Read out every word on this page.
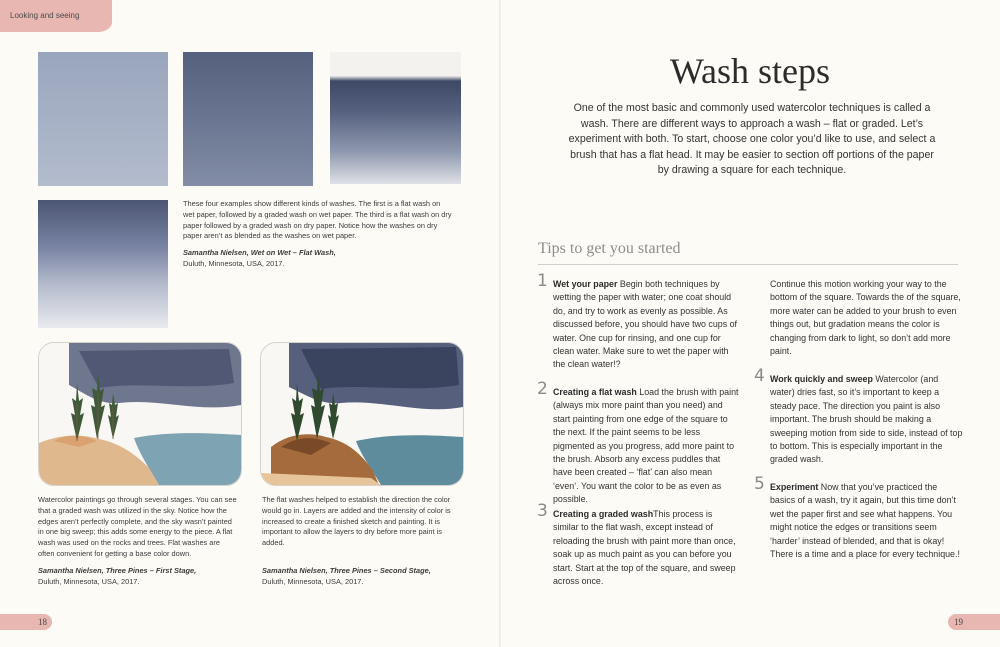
Looking and seeing
These four examples show different kinds of washes. The first is a flat wash on wet paper, followed by a graded wash on wet paper. The third is a flat wash on dry paper followed by a graded wash on dry paper. Notice how the washes on dry paper aren’t as blended as the washes on wet paper.
Samantha Nielsen, Wet on Wet – Flat Wash,
Duluth, Minnesota, USA, 2017.
Watercolor paintings go through several stages. You can see that a graded wash was utilized in the sky. Notice how the edges aren’t perfectly complete, and the sky wasn’t painted in one big sweep; this adds some energy to the piece. A flat wash was used on the rocks and trees. Flat washes are often convenient for getting a base color down.
Samantha Nielsen, Three Pines – First Stage,
Duluth, Minnesota, USA, 2017.
The flat washes helped to establish the direction the color would go in. Layers are added and the intensity of color is increased to create a finished sketch and painting. It is important to allow the layers to dry before more paint is added.
Samantha Nielsen, Three Pines – Second Stage,
Duluth, Minnesota, USA, 2017.
18
Wash steps
One of the most basic and commonly used watercolor techniques is called a wash. There are different ways to approach a wash – flat or graded. Let’s experiment with both. To start, choose one color you’d like to use, and select a brush that has a flat head. It may be easier to section off portions of the paper by drawing a square for each technique.
Tips to get you started
1 Wet your paper Begin both techniques by wetting the paper with water; one coat should do, and try to work as evenly as possible. As discussed before, you should have two cups of water. One cup for rinsing, and one cup for clean water. Make sure to wet the paper with the clean water!?
2 Creating a flat wash Load the brush with paint (always mix more paint than you need) and start painting from one edge of the square to the next. If the paint seems to be less pigmented as you progress, add more paint to the brush. Absorb any excess puddles that have been created – ‘flat’ can also mean ‘even’. You want the color to be as even as possible.
3 Creating a graded washThis process is similar to the flat wash, except instead of reloading the brush with paint more than once, soak up as much paint as you can before you start. Start at the top of the square, and sweep across once.
Continue this motion working your way to the bottom of the square. Towards the of the square, more water can be added to your brush to even things out, but gradation means the color is changing from dark to light, so don’t add more paint.
4 Work quickly and sweep Watercolor (and water) dries fast, so it’s important to keep a steady pace. The direction you paint is also important. The brush should be making a sweeping motion from side to side, instead of top to bottom. This is especially important in the graded wash.
5 Experiment Now that you’ve practiced the basics of a wash, try it again, but this time don’t wet the paper first and see what happens. You might notice the edges or transitions seem ‘harder’ instead of blended, and that is okay! There is a time and a place for every technique.!
19
